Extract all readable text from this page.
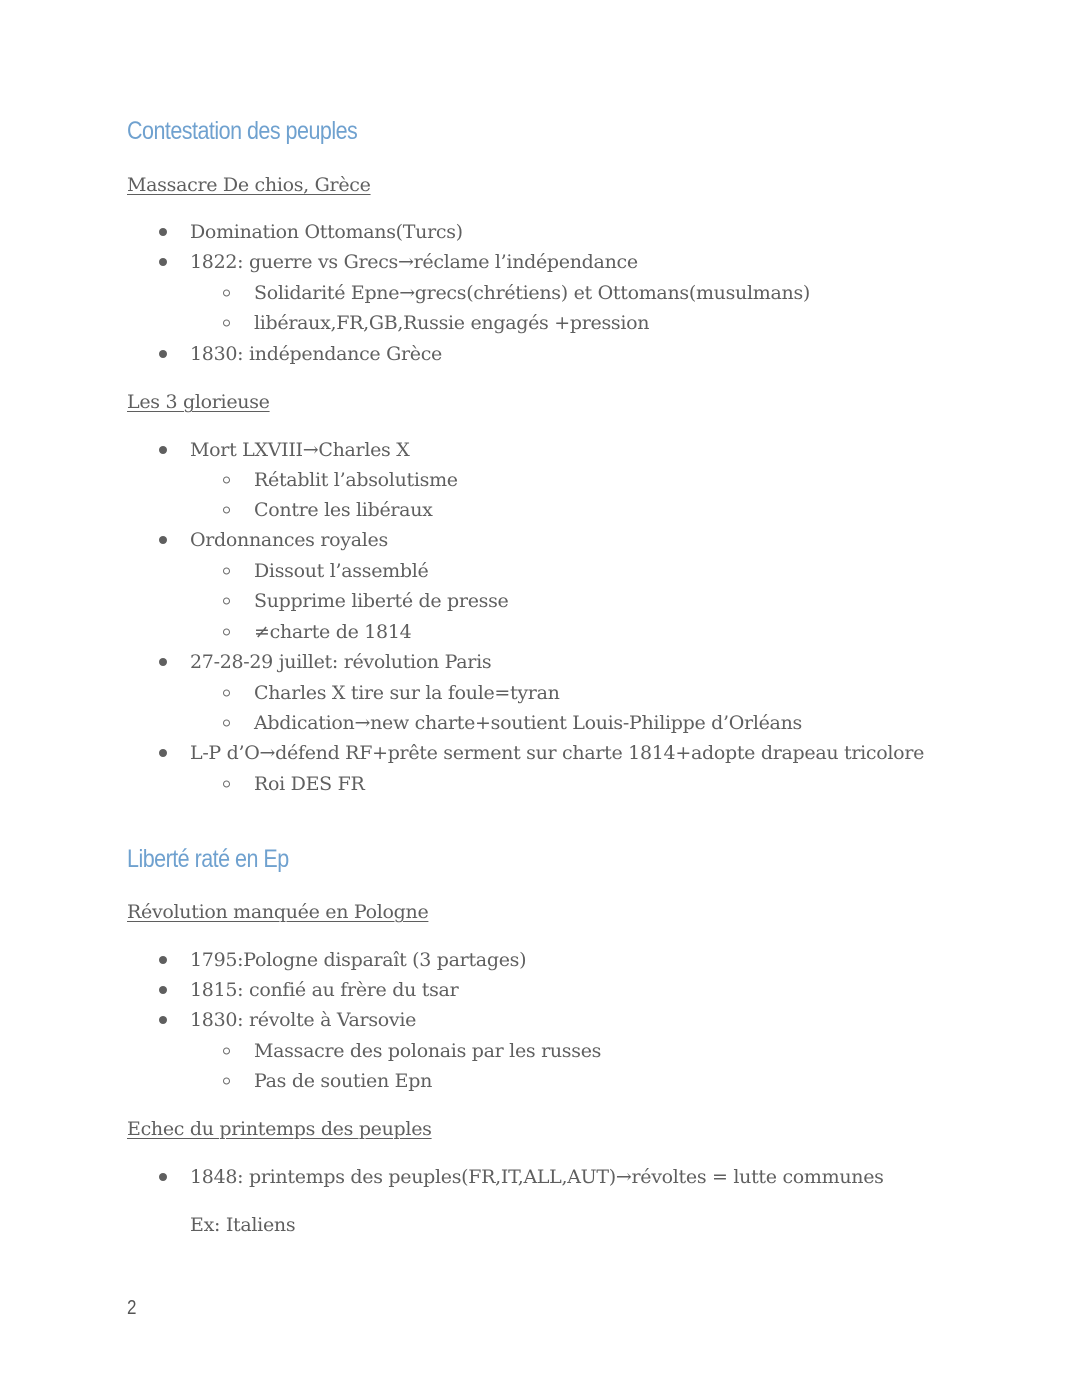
Contestation des peuples
Massacre De chios, Grèce
Domination Ottomans(Turcs)
1822: guerre vs Grecs→réclame l’indépendance
Solidarité Epne→grecs(chrétiens) et Ottomans(musulmans)
libéraux,FR,GB,Russie engagés +pression
1830: indépendance Grèce
Les 3 glorieuse
Mort LXVIII→Charles X
Rétablit l’absolutisme
Contre les libéraux
Ordonnances royales
Dissout l’assemblé
Supprime liberté de presse
≠charte de 1814
27-28-29 juillet: révolution Paris
Charles X tire sur la foule=tyran
Abdication→new charte+soutient Louis-Philippe d’Orléans
L-P d’O→défend RF+prête serment sur charte 1814+adopte drapeau tricolore
Roi DES FR
Liberté raté en Ep
Révolution manquée en Pologne
1795:Pologne disparaît (3 partages)
1815: confié au frère du tsar
1830: révolte à Varsovie
Massacre des polonais par les russes
Pas de soutien Epn
Echec du printemps des peuples
1848: printemps des peuples(FR,IT,ALL,AUT)→révoltes = lutte communes
Ex: Italiens
2
